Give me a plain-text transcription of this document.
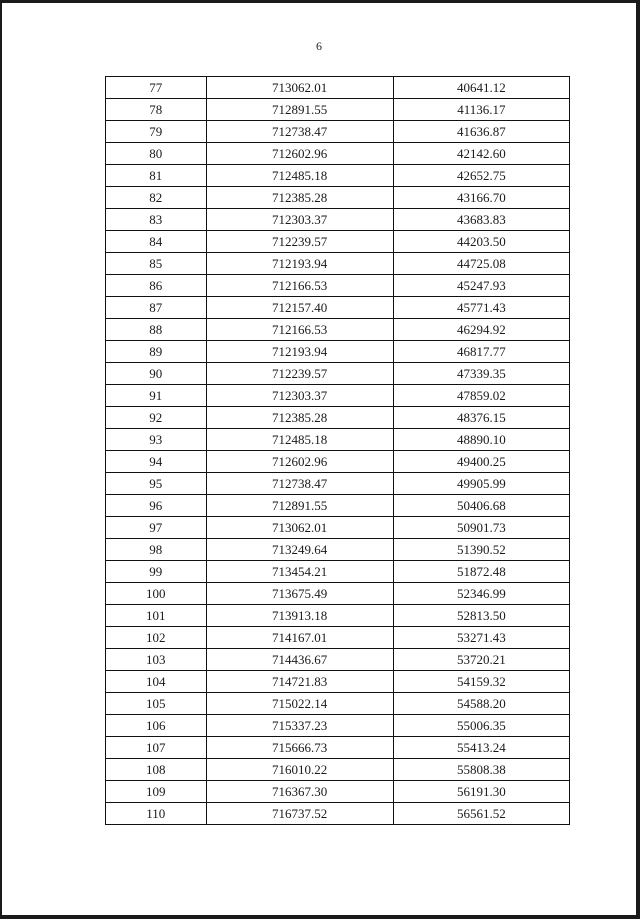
6
77	713062.01	40641.12
78	712891.55	41136.17
79	712738.47	41636.87
80	712602.96	42142.60
81	712485.18	42652.75
82	712385.28	43166.70
83	712303.37	43683.83
84	712239.57	44203.50
85	712193.94	44725.08
86	712166.53	45247.93
87	712157.40	45771.43
88	712166.53	46294.92
89	712193.94	46817.77
90	712239.57	47339.35
91	712303.37	47859.02
92	712385.28	48376.15
93	712485.18	48890.10
94	712602.96	49400.25
95	712738.47	49905.99
96	712891.55	50406.68
97	713062.01	50901.73
98	713249.64	51390.52
99	713454.21	51872.48
100	713675.49	52346.99
101	713913.18	52813.50
102	714167.01	53271.43
103	714436.67	53720.21
104	714721.83	54159.32
105	715022.14	54588.20
106	715337.23	55006.35
107	715666.73	55413.24
108	716010.22	55808.38
109	716367.30	56191.30
110	716737.52	56561.52
